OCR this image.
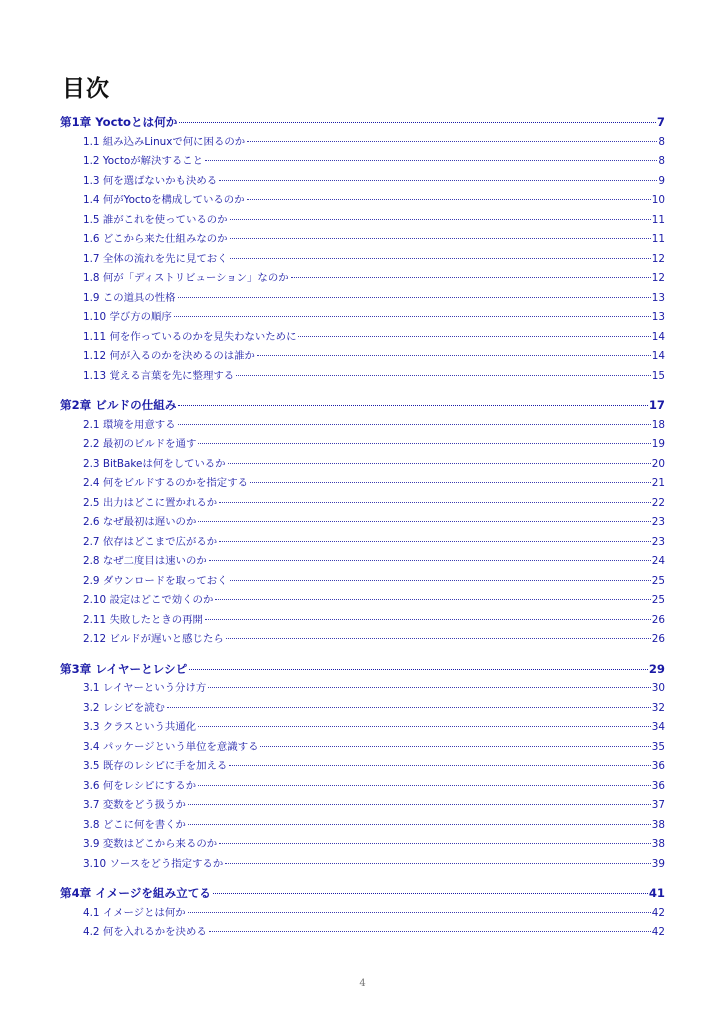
目次
第1章 Yoctoとは何か	7
1.1 組み込みLinuxで何に困るのか	8
1.2 Yoctoが解決すること	8
1.3 何を選ばないかも決める	9
1.4 何がYoctoを構成しているのか	10
1.5 誰がこれを使っているのか	11
1.6 どこから来た仕組みなのか	11
1.7 全体の流れを先に見ておく	12
1.8 何が「ディストリビューション」なのか	12
1.9 この道具の性格	13
1.10 学び方の順序	13
1.11 何を作っているのかを見失わないために	14
1.12 何が入るのかを決めるのは誰か	14
1.13 覚える言葉を先に整理する	15
第2章 ビルドの仕組み	17
2.1 環境を用意する	18
2.2 最初のビルドを通す	19
2.3 BitBakeは何をしているか	20
2.4 何をビルドするのかを指定する	21
2.5 出力はどこに置かれるか	22
2.6 なぜ最初は遅いのか	23
2.7 依存はどこまで広がるか	23
2.8 なぜ二度目は速いのか	24
2.9 ダウンロードを取っておく	25
2.10 設定はどこで効くのか	25
2.11 失敗したときの再開	26
2.12 ビルドが遅いと感じたら	26
第3章 レイヤーとレシピ	29
3.1 レイヤーという分け方	30
3.2 レシピを読む	32
3.3 クラスという共通化	34
3.4 パッケージという単位を意識する	35
3.5 既存のレシピに手を加える	36
3.6 何をレシピにするか	36
3.7 変数をどう扱うか	37
3.8 どこに何を書くか	38
3.9 変数はどこから来るのか	38
3.10 ソースをどう指定するか	39
第4章 イメージを組み立てる	41
4.1 イメージとは何か	42
4.2 何を入れるかを決める	42
4
